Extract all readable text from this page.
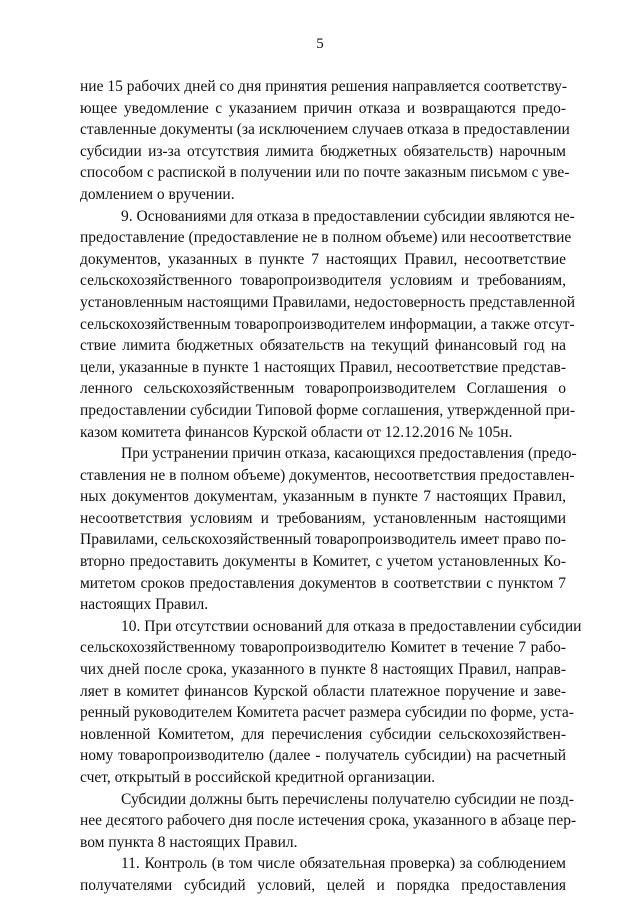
5
ние 15 рабочих дней со дня принятия решения направляется соответству-
ющее уведомление с указанием причин отказа и возвращаются предо-
ставленные документы (за исключением случаев отказа в предоставлении
субсидии из-за отсутствия лимита бюджетных обязательств) нарочным
способом с распиской в получении или по почте заказным письмом с уве-
домлением о вручении.
9. Основаниями для отказа в предоставлении субсидии являются не-
предоставление (предоставление не в полном объеме) или несоответствие
документов, указанных в пункте 7 настоящих Правил, несоответствие
сельскохозяйственного товаропроизводителя условиям и требованиям,
установленным настоящими Правилами, недостоверность представленной
сельскохозяйственным товаропроизводителем информации, а также отсут-
ствие лимита бюджетных обязательств на текущий финансовый год на
цели, указанные в пункте 1 настоящих Правил, несоответствие представ-
ленного сельскохозяйственным товаропроизводителем Соглашения о
предоставлении субсидии Типовой форме соглашения, утвержденной при-
казом комитета финансов Курской области от 12.12.2016 № 105н.
При устранении причин отказа, касающихся предоставления (предо-
ставления не в полном объеме) документов, несоответствия предоставлен-
ных документов документам, указанным в пункте 7 настоящих Правил,
несоответствия условиям и требованиям, установленным настоящими
Правилами, сельскохозяйственный товаропроизводитель имеет право по-
вторно предоставить документы в Комитет, с учетом установленных Ко-
митетом сроков предоставления документов в соответствии с пунктом 7
настоящих Правил.
10. При отсутствии оснований для отказа в предоставлении субсидии
сельскохозяйственному товаропроизводителю Комитет в течение 7 рабо-
чих дней после срока, указанного в пункте 8 настоящих Правил, направ-
ляет в комитет финансов Курской области платежное поручение и заве-
ренный руководителем Комитета расчет размера субсидии по форме, уста-
новленной Комитетом, для перечисления субсидии сельскохозяйствен-
ному товаропроизводителю (далее - получатель субсидии) на расчетный
счет, открытый в российской кредитной организации.
Субсидии должны быть перечислены получателю субсидии не позд-
нее десятого рабочего дня после истечения срока, указанного в абзаце пер-
вом пункта 8 настоящих Правил.
11. Контроль (в том числе обязательная проверка) за соблюдением
получателями субсидий условий, целей и порядка предоставления
